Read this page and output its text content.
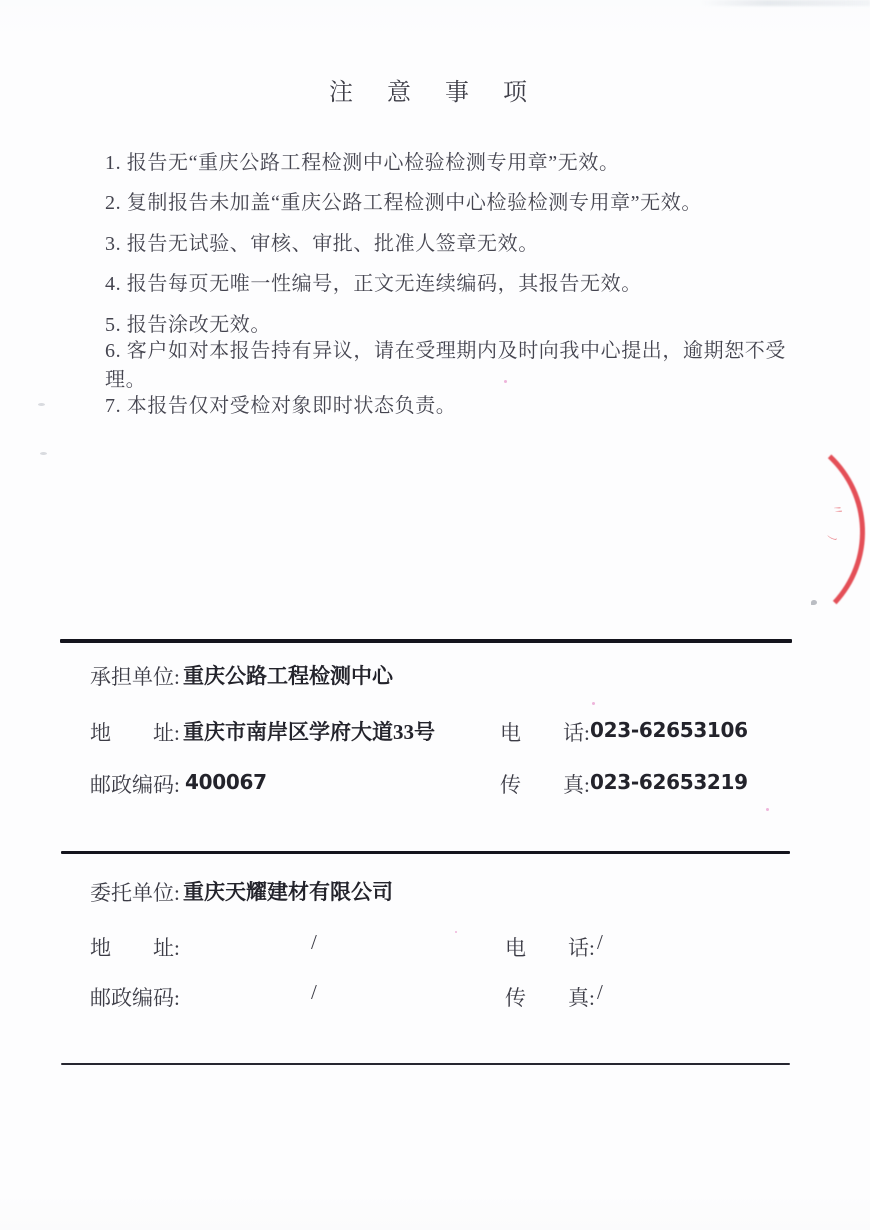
注 意 事 项
1. 报告无“重庆公路工程检测中心检验检测专用章”无效。
2. 复制报告未加盖“重庆公路工程检测中心检验检测专用章”无效。
3. 报告无试验、审核、审批、批准人签章无效。
4. 报告每页无唯一性编号，正文无连续编码，其报告无效。
5. 报告涂改无效。
6. 客户如对本报告持有异议，请在受理期内及时向我中心提出，逾期恕不受理。
7. 本报告仅对受检对象即时状态负责。
〃
ノ
承担单位: 重庆公路工程检测中心
地　　址: 重庆市南岸区学府大道33号	电　　话: 023-62653106
邮政编码: 400067	传　　真: 023-62653219
委托单位: 重庆天耀建材有限公司
地　　址:	/	电　　话: /
邮政编码:	/	传　　真: /
